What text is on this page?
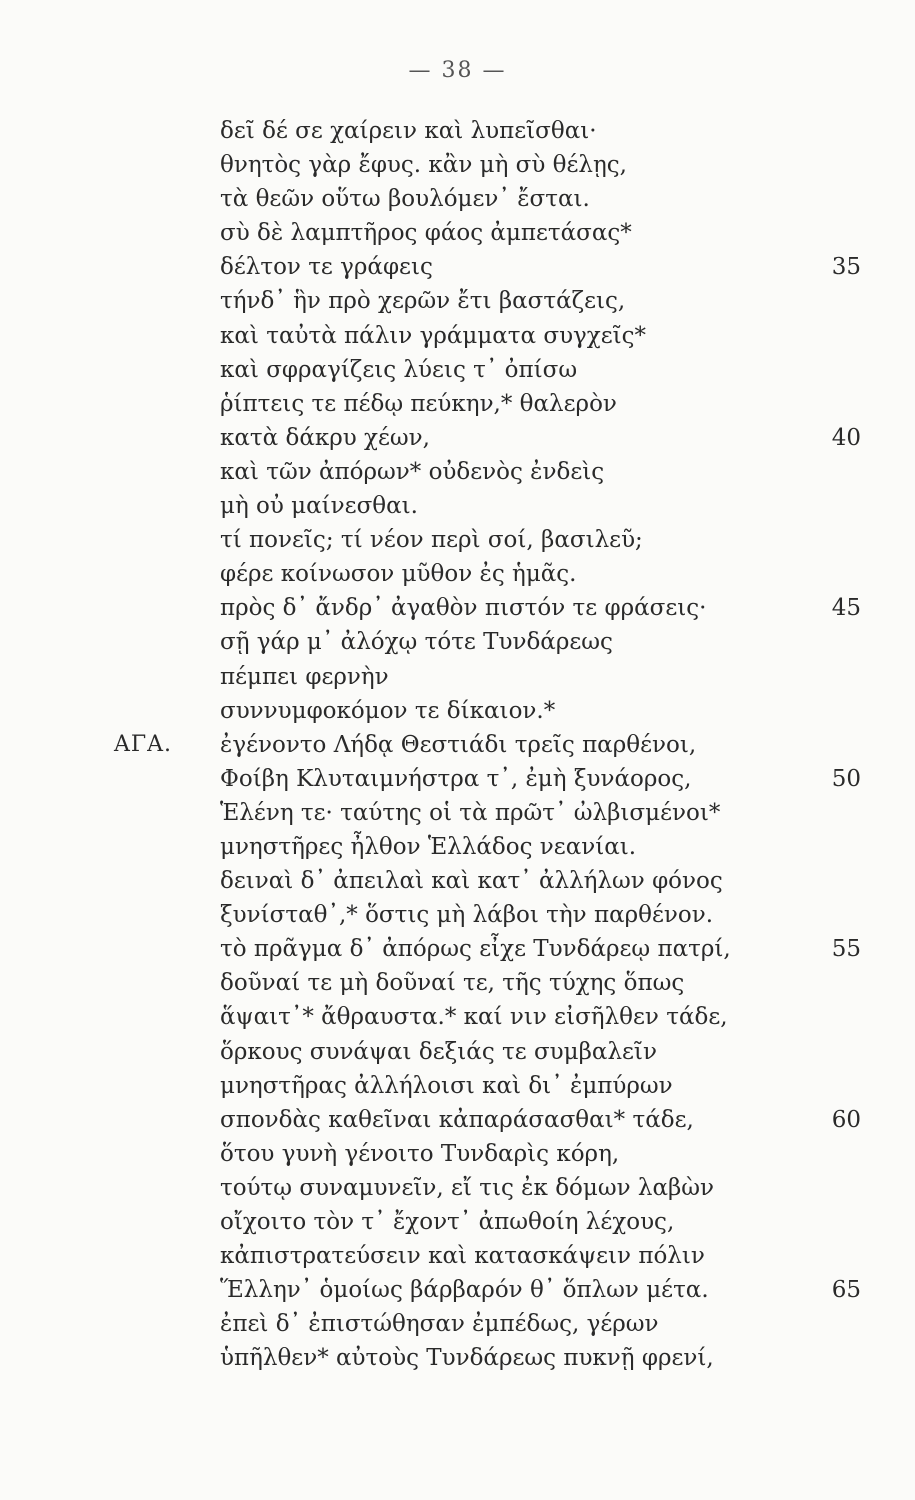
— 38 —
δεῖ δέ σε χαίρειν καὶ λυπεῖσθαι·
θνητὸς γὰρ ἔφυς. κἂν μὴ σὺ θέλῃς,
τὰ θεῶν οὕτω βουλόμεν᾽ ἔσται.
σὺ δὲ λαμπτῆρος φάος ἀμπετάσας*
δέλτον τε γράφεις	35
τήνδ᾽ ἣν πρὸ χερῶν ἔτι βαστάζεις,
καὶ ταὐτὰ πάλιν γράμματα συγχεῖς*
καὶ σφραγίζεις λύεις τ᾽ ὀπίσω
ῥίπτεις τε πέδῳ πεύκην,* θαλερὸν
κατὰ δάκρυ χέων,	40
καὶ τῶν ἀπόρων* οὐδενὸς ἐνδεὶς
μὴ οὐ μαίνεσθαι.
τί πονεῖς; τί νέον περὶ σοί, βασιλεῦ;
φέρε κοίνωσον μῦθον ἐς ἡμᾶς.
πρὸς δ᾽ ἄνδρ᾽ ἀγαθὸν πιστόν τε φράσεις·	45
σῇ γάρ μ᾽ ἀλόχῳ τότε Τυνδάρεως
πέμπει φερνὴν
συννυμφοκόμον τε δίκαιον.*
ΑΓΑ. ἐγένοντο Λήδᾳ Θεστιάδι τρεῖς παρθένοι,
Φοίβη Κλυταιμνήστρα τ᾽, ἐμὴ ξυνάορος,	50
Ἑλένη τε· ταύτης οἱ τὰ πρῶτ᾽ ὠλβισμένοι*
μνηστῆρες ἦλθον Ἑλλάδος νεανίαι.
δειναὶ δ᾽ ἀπειλαὶ καὶ κατ᾽ ἀλλήλων φόνος
ξυνίσταθ᾽,* ὅστις μὴ λάβοι τὴν παρθένον.
τὸ πρᾶγμα δ᾽ ἀπόρως εἶχε Τυνδάρεῳ πατρί,	55
δοῦναί τε μὴ δοῦναί τε, τῆς τύχης ὅπως
ἅψαιτ᾽* ἄθραυστα.* καί νιν εἰσῆλθεν τάδε,
ὅρκους συνάψαι δεξιάς τε συμβαλεῖν
μνηστῆρας ἀλλήλοισι καὶ δι᾽ ἐμπύρων
σπονδὰς καθεῖναι κἀπαράσασθαι* τάδε,	60
ὅτου γυνὴ γένοιτο Τυνδαρὶς κόρη,
τούτῳ συναμυνεῖν, εἴ τις ἐκ δόμων λαβὼν
οἴχοιτο τὸν τ᾽ ἔχοντ᾽ ἀπωθοίη λέχους,
κἀπιστρατεύσειν καὶ κατασκάψειν πόλιν
Ἕλλην᾽ ὁμοίως βάρβαρόν θ᾽ ὅπλων μέτα.	65
ἐπεὶ δ᾽ ἐπιστώθησαν ἐμπέδως, γέρων
ὑπῆλθεν* αὐτοὺς Τυνδάρεως πυκνῇ φρενί,
